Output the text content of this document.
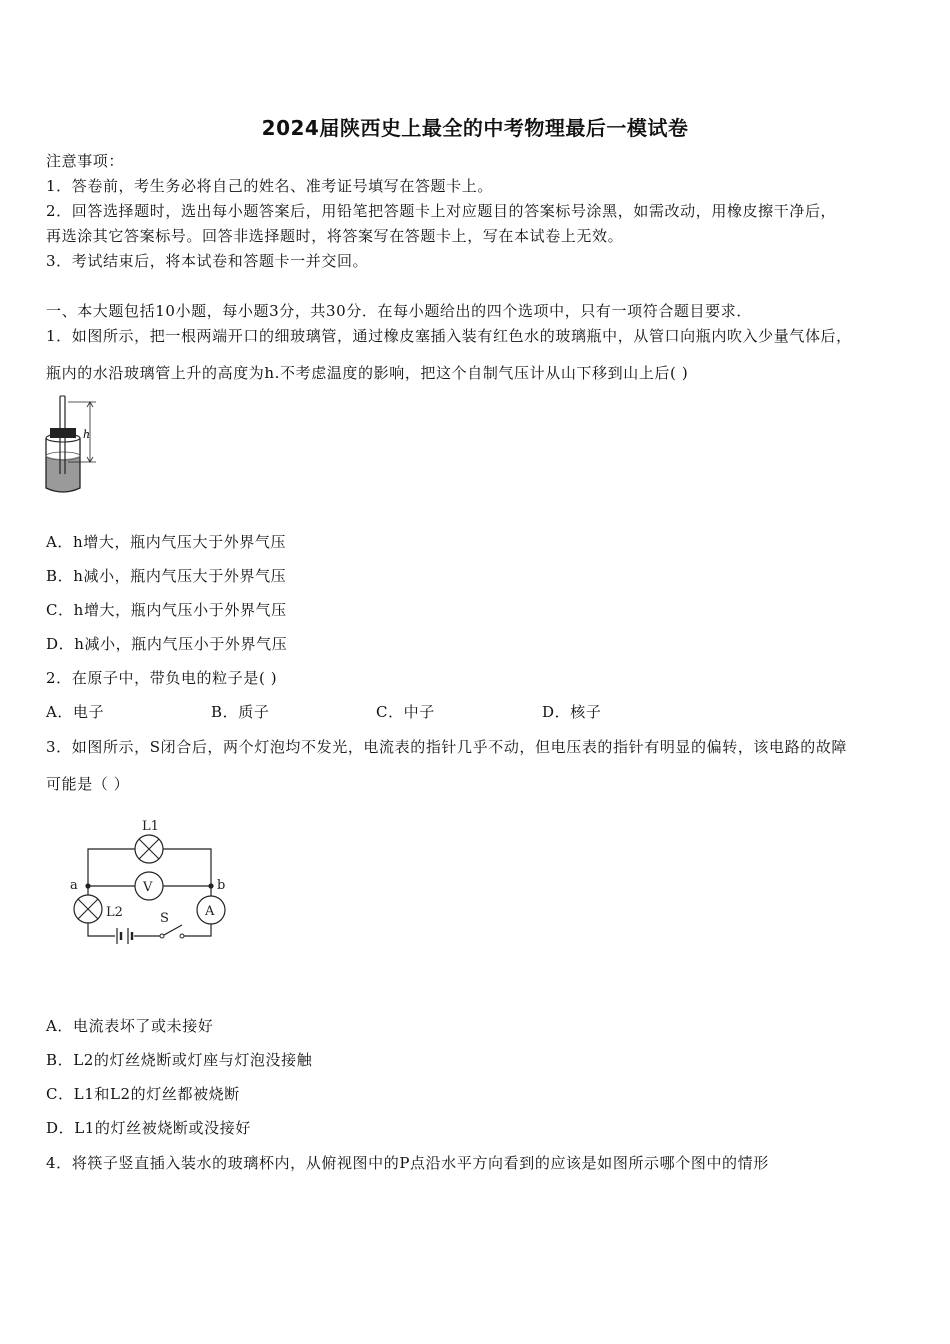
2024届陕西史上最全的中考物理最后一模试卷
注意事项：
1．答卷前，考生务必将自己的姓名、准考证号填写在答题卡上。
2．回答选择题时，选出每小题答案后，用铅笔把答题卡上对应题目的答案标号涂黑，如需改动，用橡皮擦干净后，
再选涂其它答案标号。回答非选择题时，将答案写在答题卡上，写在本试卷上无效。
3．考试结束后，将本试卷和答题卡一并交回。
一、本大题包括10小题，每小题3分，共30分．在每小题给出的四个选项中，只有一项符合题目要求．
1．如图所示，把一根两端开口的细玻璃管，通过橡皮塞插入装有红色水的玻璃瓶中，从管口向瓶内吹入少量气体后，
瓶内的水沿玻璃管上升的高度为h.不考虑温度的影响，把这个自制气压计从山下移到山上后( )
h
A．h增大，瓶内气压大于外界气压
B．h减小，瓶内气压大于外界气压
C．h增大，瓶内气压小于外界气压
D．h减小，瓶内气压小于外界气压
2．在原子中，带负电的粒子是( )
A．电子	B．质子	C．中子	D．核子
3．如图所示，S闭合后，两个灯泡均不发光，电流表的指针几乎不动，但电压表的指针有明显的偏转，该电路的故障
可能是（ ）
L1
V
L2	A
a	b
S
A．电流表坏了或未接好
B．L2的灯丝烧断或灯座与灯泡没接触
C．L1和L2的灯丝都被烧断
D．L1的灯丝被烧断或没接好
4．将筷子竖直插入装水的玻璃杯内，从俯视图中的P点沿水平方向看到的应该是如图所示哪个图中的情形
